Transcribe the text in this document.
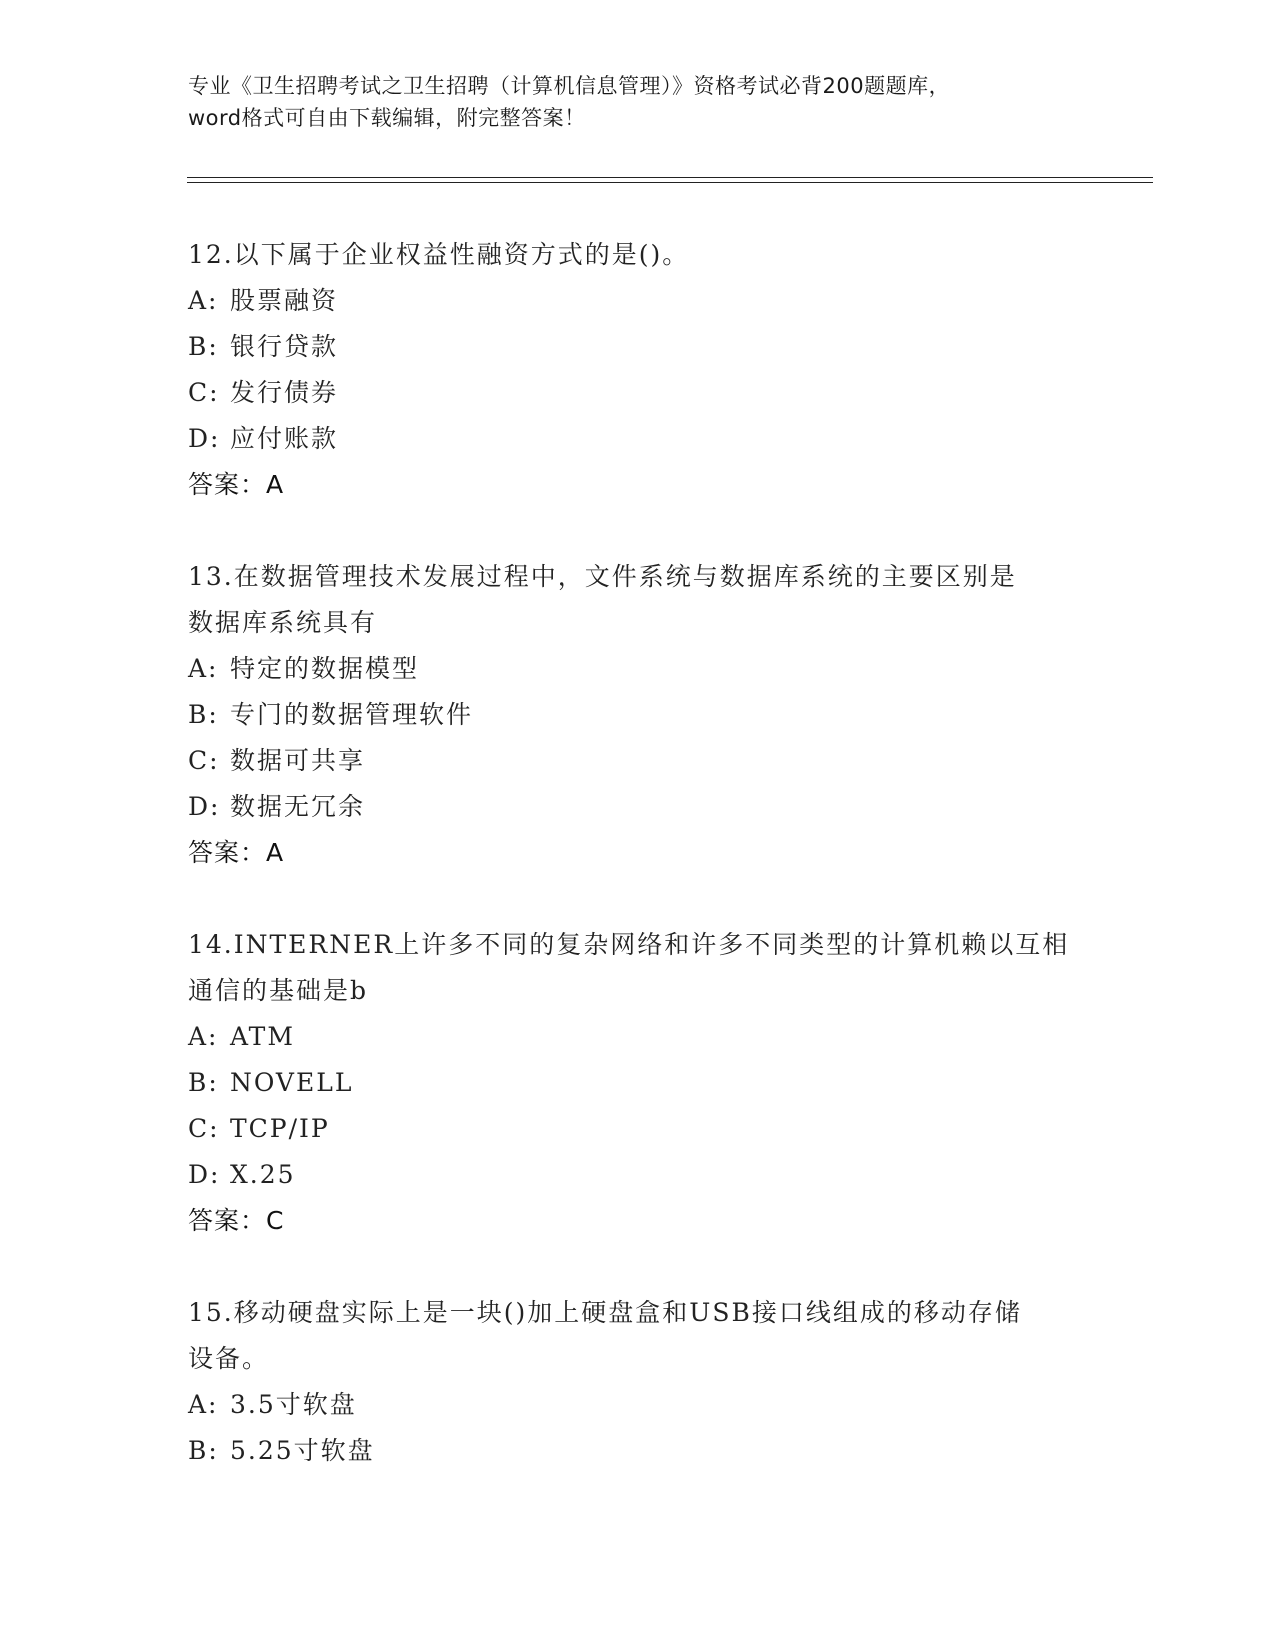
专业《卫生招聘考试之卫生招聘（计算机信息管理）》资格考试必背200题题库，
word格式可自由下载编辑，附完整答案！
12.以下属于企业权益性融资方式的是()。
A: 股票融资
B: 银行贷款
C: 发行债券
D: 应付账款
答案：A
13.在数据管理技术发展过程中，文件系统与数据库系统的主要区别是
数据库系统具有
A: 特定的数据模型
B: 专门的数据管理软件
C: 数据可共享
D: 数据无冗余
答案：A
14.INTERNER上许多不同的复杂网络和许多不同类型的计算机赖以互相
通信的基础是b
A: ATM
B: NOVELL
C: TCP/IP
D: X.25
答案：C
15.移动硬盘实际上是一块()加上硬盘盒和USB接口线组成的移动存储
设备。
A: 3.5寸软盘
B: 5.25寸软盘
